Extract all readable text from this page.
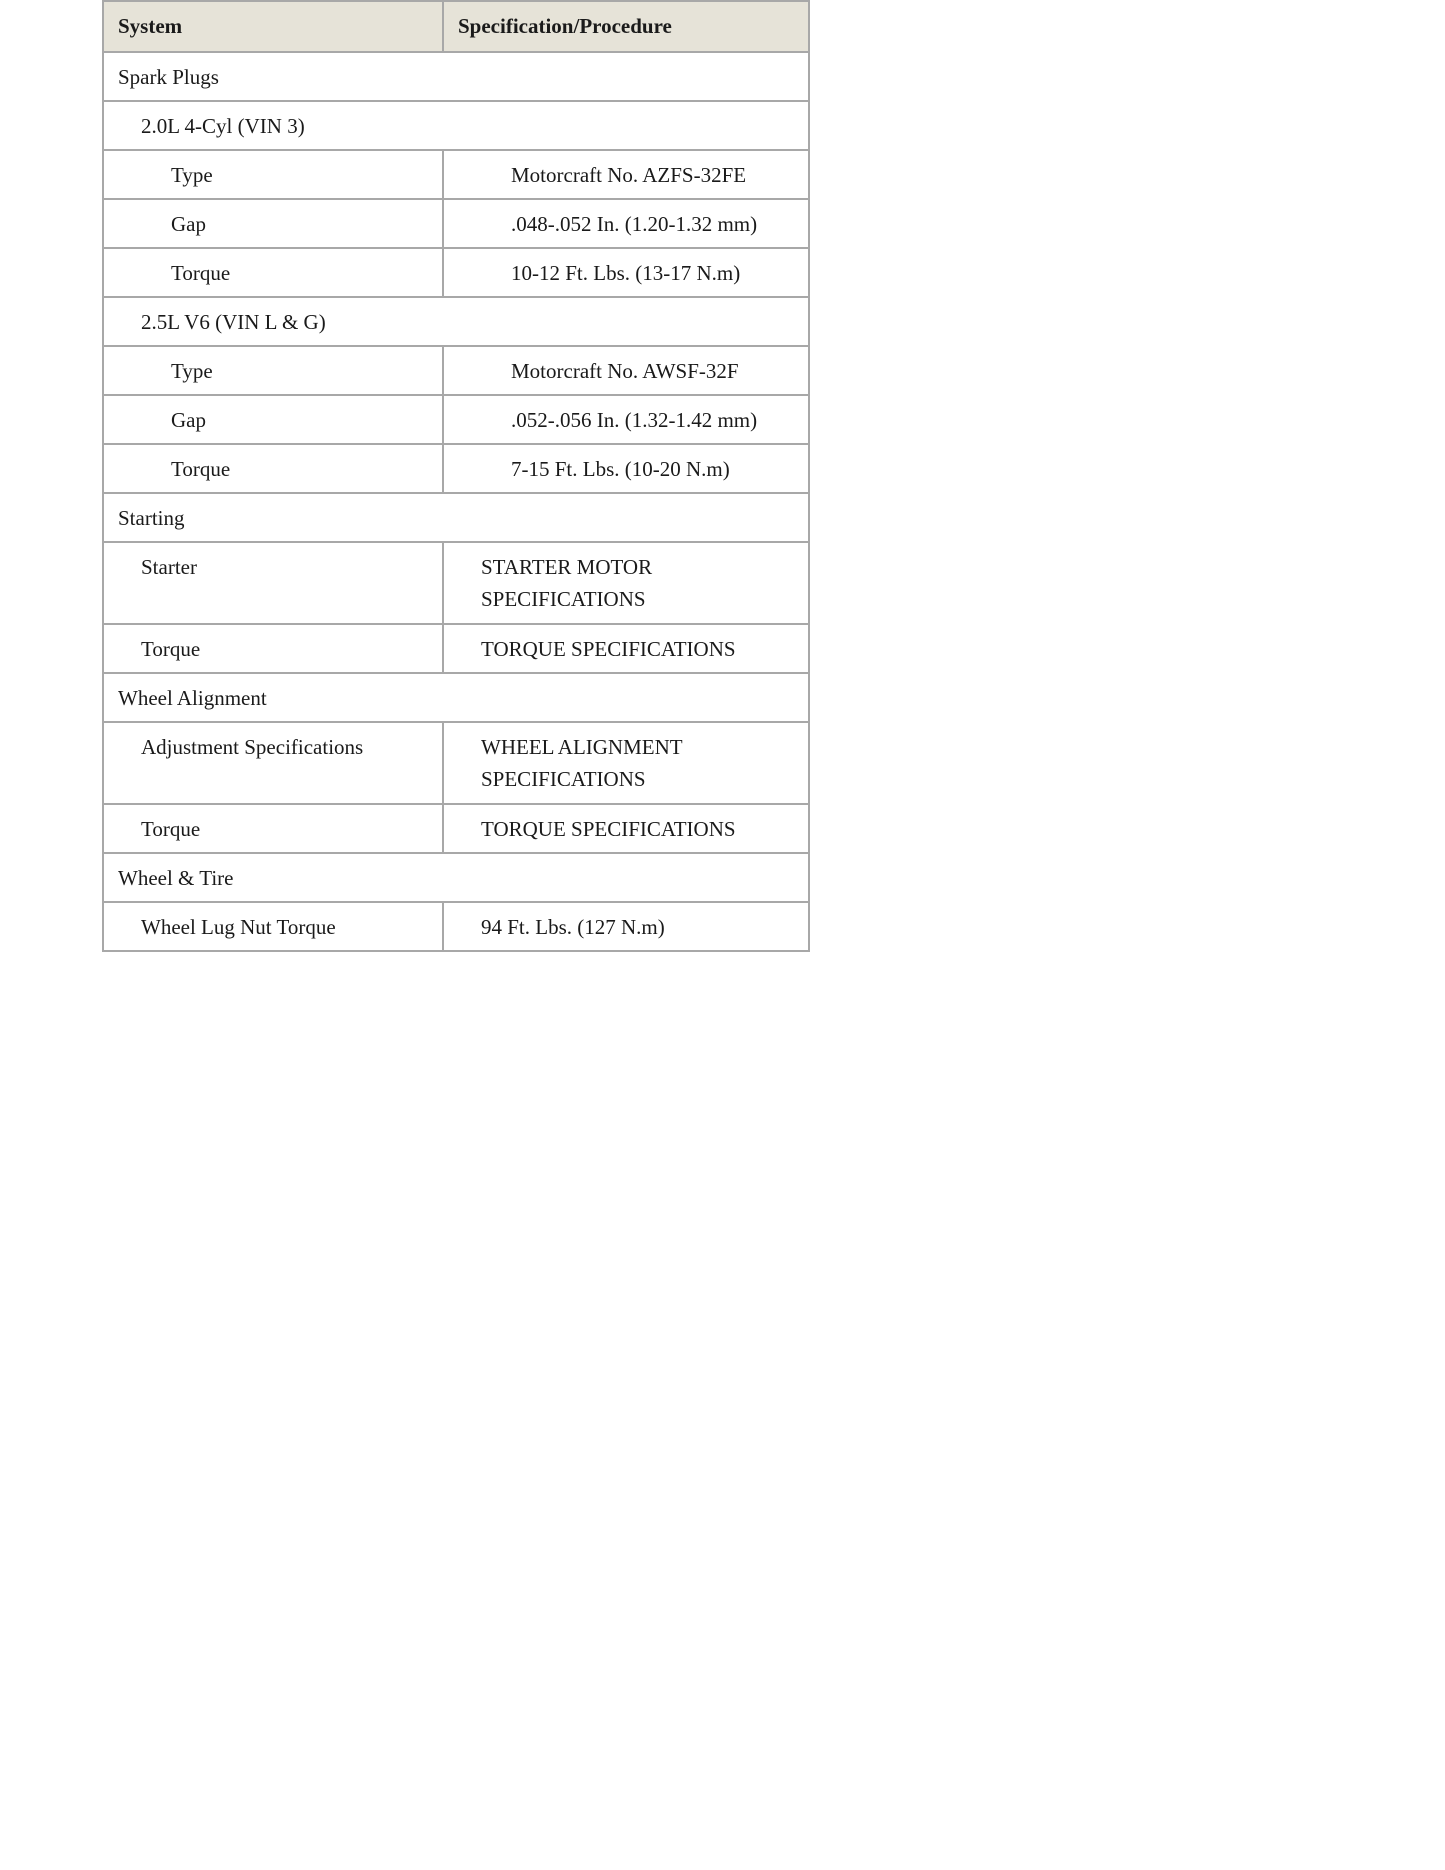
System	Specification/Procedure
Spark Plugs	
2.0L 4-Cyl (VIN 3)	
Type	Motorcraft No. AZFS-32FE
Gap	.048-.052 In. (1.20-1.32 mm)
Torque	10-12 Ft. Lbs. (13-17 N.m)
2.5L V6 (VIN L & G)	
Type	Motorcraft No. AWSF-32F
Gap	.052-.056 In. (1.32-1.42 mm)
Torque	7-15 Ft. Lbs. (10-20 N.m)
Starting	
Starter	STARTER MOTOR SPECIFICATIONS
Torque	TORQUE SPECIFICATIONS
Wheel Alignment	
Adjustment Specifications	WHEEL ALIGNMENT SPECIFICATIONS
Torque	TORQUE SPECIFICATIONS
Wheel & Tire	
Wheel Lug Nut Torque	94 Ft. Lbs. (127 N.m)
